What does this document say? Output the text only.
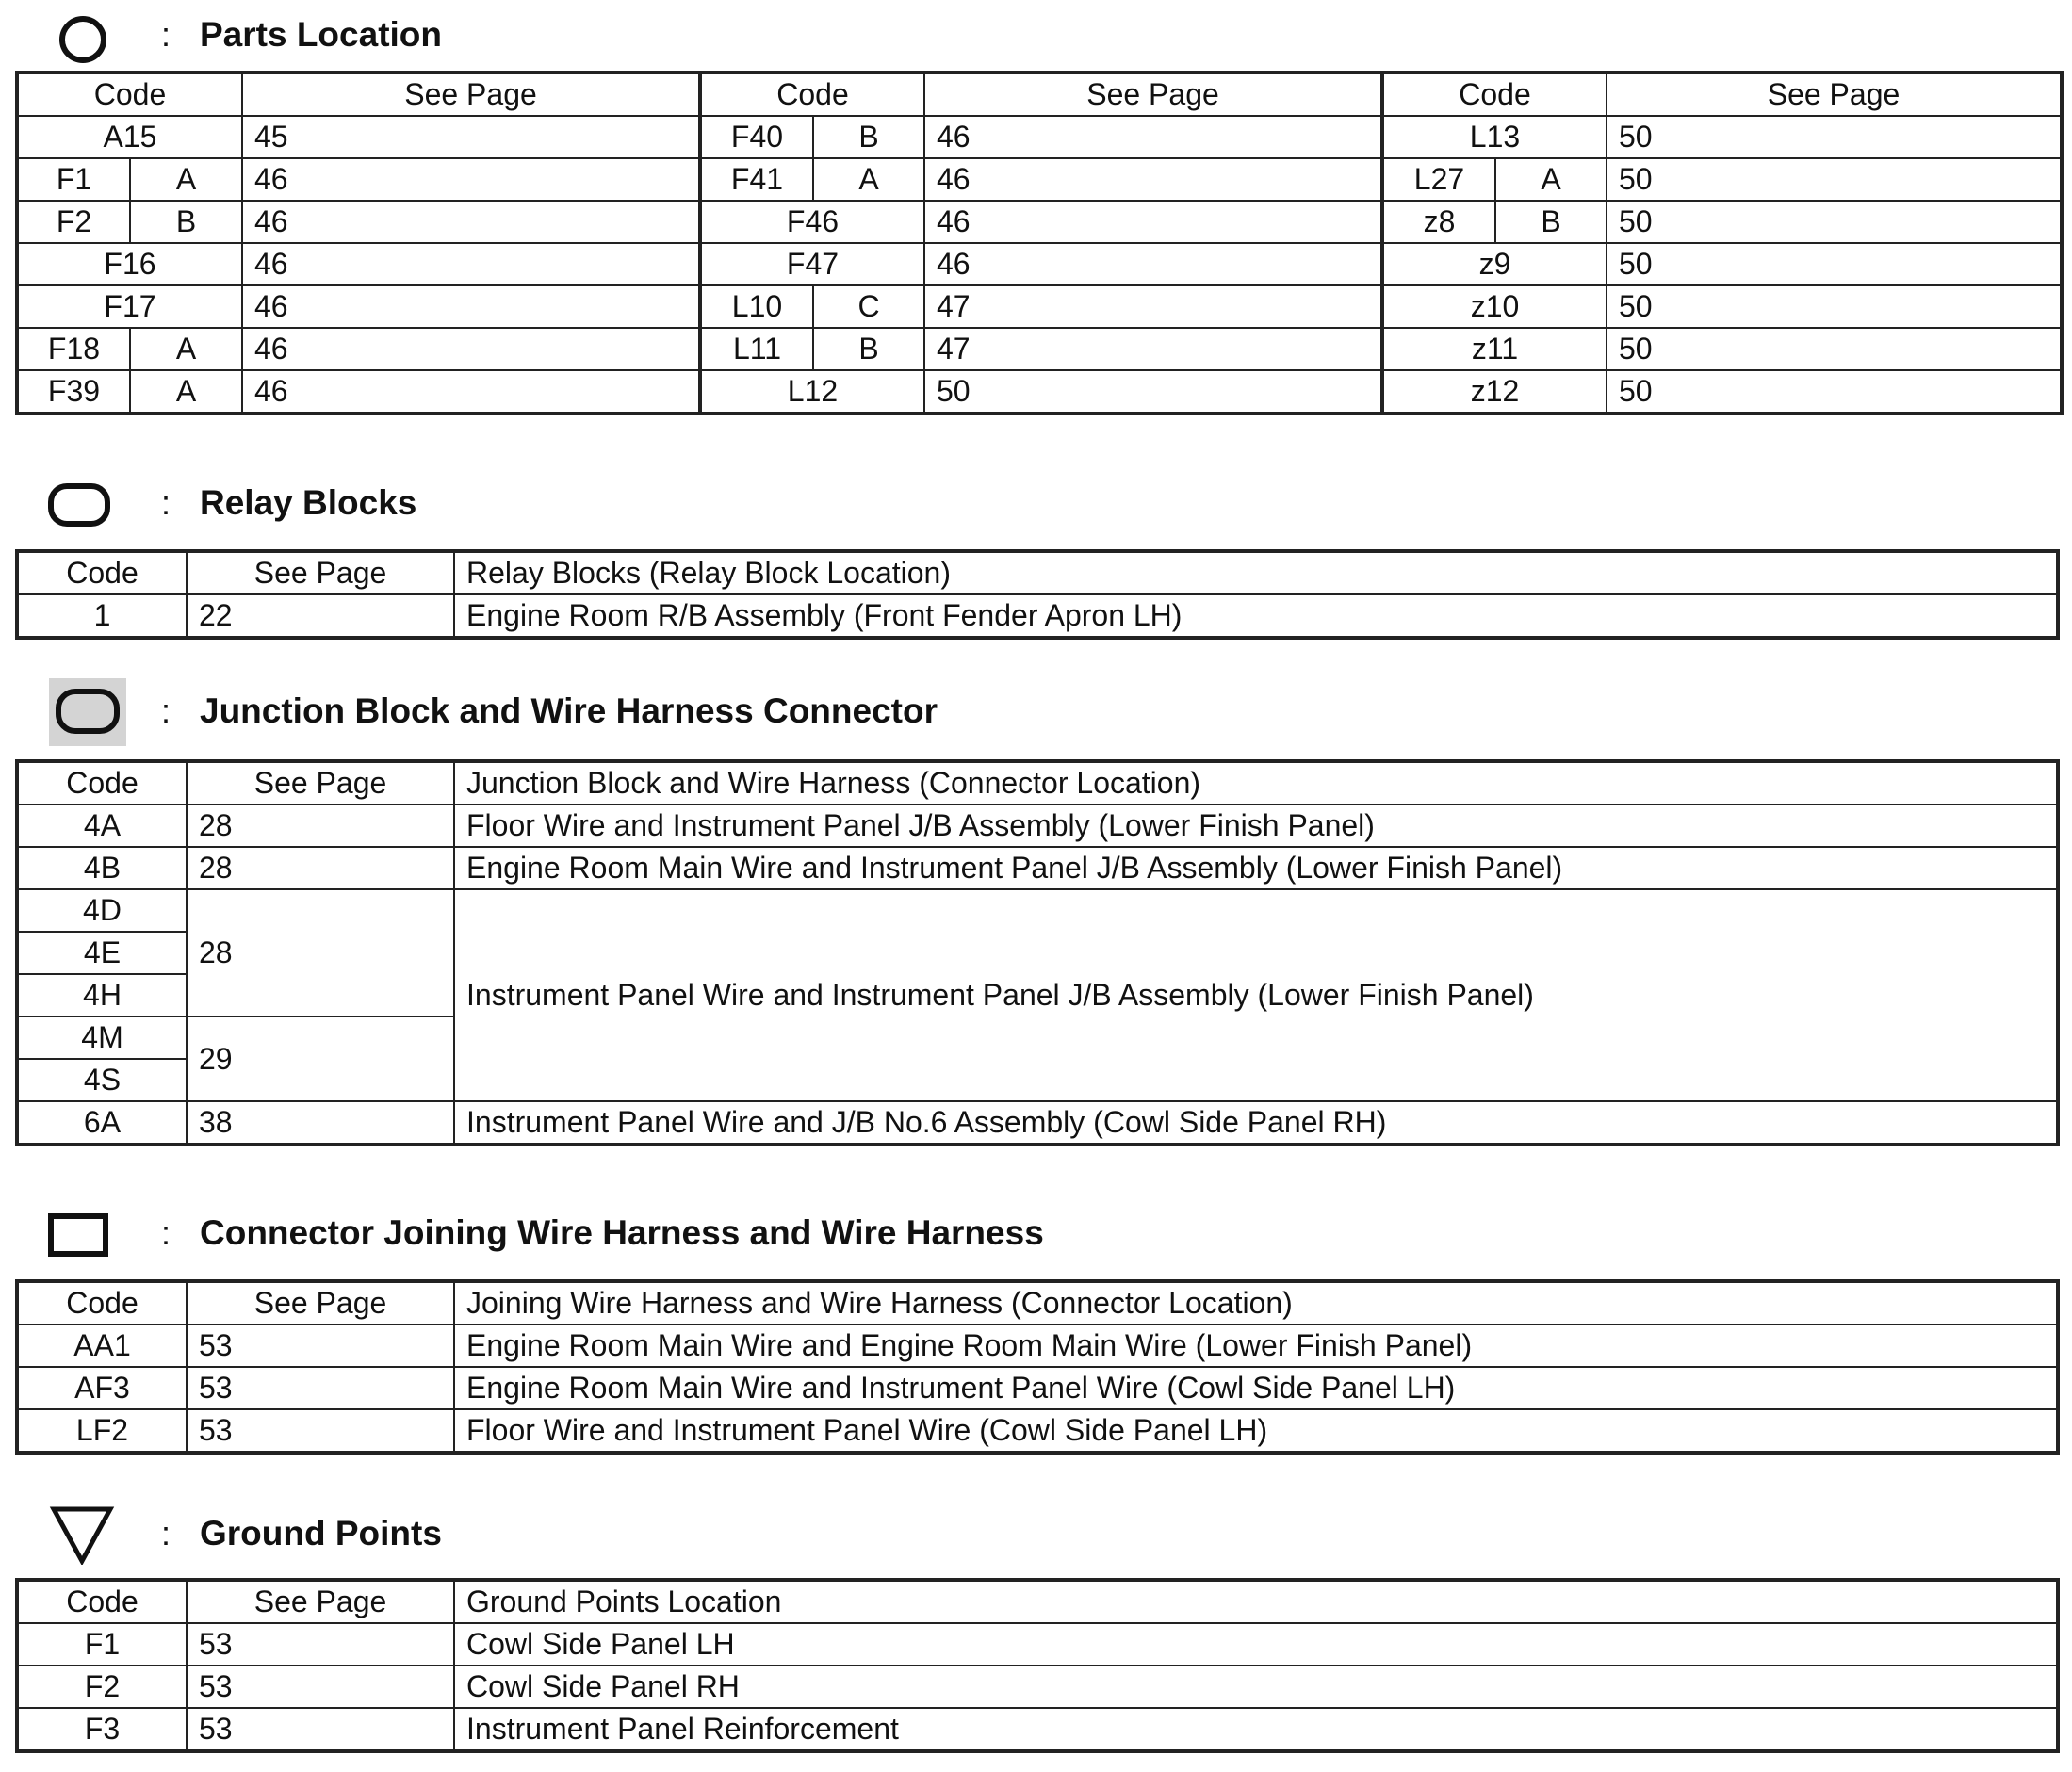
: Parts Location
Code		See Page	Code		See Page	Code		See Page
A15		45	F40	B	46	L13		50
F1	A	46	F41	A	46	L27	A	50
F2	B	46	F46		46	z8	B	50
F16		46	F47		46	z9		50
F17		46	L10	C	47	z10		50
F18	A	46	L11	B	47	z11		50
F39	A	46	L12		50	z12		50
: Relay Blocks
Code	See Page	Relay Blocks (Relay Block Location)
1	22	Engine Room R/B Assembly (Front Fender Apron LH)
: Junction Block and Wire Harness Connector
Code	See Page	Junction Block and Wire Harness (Connector Location)
4A	28	Floor Wire and Instrument Panel J/B Assembly (Lower Finish Panel)
4B	28	Engine Room Main Wire and Instrument Panel J/B Assembly (Lower Finish Panel)
4D	28	Instrument Panel Wire and Instrument Panel J/B Assembly (Lower Finish Panel)
4E		
4H		
4M	29	
4S		
6A	38	Instrument Panel Wire and J/B No.6 Assembly (Cowl Side Panel RH)
: Connector Joining Wire Harness and Wire Harness
Code	See Page	Joining Wire Harness and Wire Harness (Connector Location)
AA1	53	Engine Room Main Wire and Engine Room Main Wire (Lower Finish Panel)
AF3	53	Engine Room Main Wire and Instrument Panel Wire (Cowl Side Panel LH)
LF2	53	Floor Wire and Instrument Panel Wire (Cowl Side Panel LH)
: Ground Points
Code	See Page	Ground Points Location
F1	53	Cowl Side Panel LH
F2	53	Cowl Side Panel RH
F3	53	Instrument Panel Reinforcement
